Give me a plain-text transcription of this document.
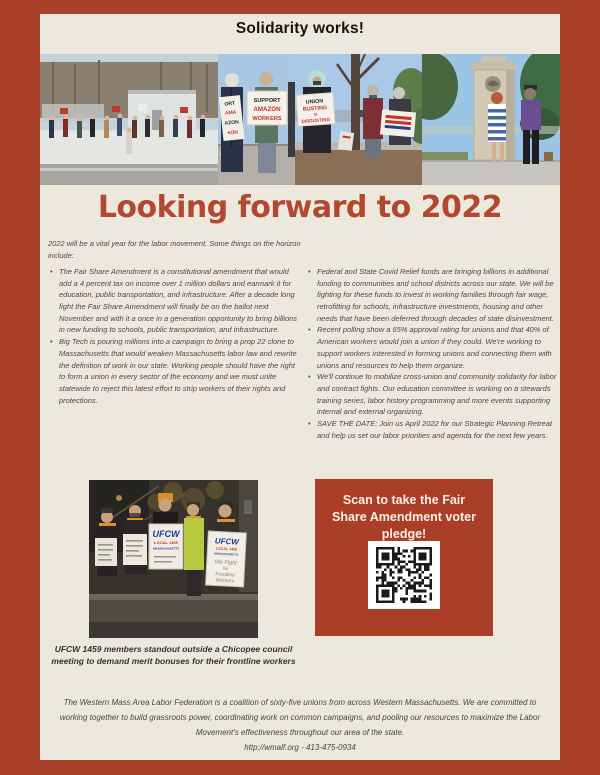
Solidarity works!
ORT
AMA
AZON
♥ON
SUPPORT
AMAZON
WORKERS
UNION
BUSTING
IS
DISGUSTING
Looking forward to 2022

2022 will be a vital year for the labor movement. Some things on the horizon include:

• The Fair Share Amendment is a constitutional amendment that would add a 4 percent tax on income over 1 million dollars and earmark it for education, public transportation, and infrastructure. After a decade long fight the Fair Share Amendment will finally be on the ballot next November and with it a once in a generation opportunity to bring billions in new funding to schools, public transportation, and infrastructure.
• Big Tech is pouring millions into a campaign to bring a prop 22 clone to Massachusetts that would weaken Massachusetts labor law and rewrite the definition of work in our state. Working people should have the right to form a union in every sector of the economy and we must unite statewide to reject this latest effort to strip workers of their rights and protections.
• Federal and State Covid Relief funds are bringing billions in additional funding to communities and school districts across our state. We will be fighting for these funds to invest in working families through fair wage, retrofitting for schools, infrastructure investments, housing and other needs that have been deferred through decades of state disinvestment.
• Recent polling show a 65% approval rating for unions and that 40% of American workers would join a union if they could. We're working to support workers interested in forming unions and connecting them with unions and resources to help them organize.
• We'll continue to mobilize cross-union and community solidarity for labor and contract fights. Our education committee is working on a stewards training series, labor history programming and more events supporting internal and external organizing.
• SAVE THE DATE: Join us April 2022 for our Strategic Planning Retreat and help us set our labor priorities and agenda for the next few years.
UFCW
LOCAL 1459
MASSACHUSETTS
UFCW
LOCAL 1459
MASSACHUSETTS
We Fight
for
Frontline
Workers

UFCW 1459 members standout outside a Chicopee council meeting to demand merit bonuses for their frontline workers

Scan to take the Fair Share Amendment voter pledge!

The Western Mass Area Labor Federation is a coalition of sixty-five unions from across Western Massachusetts. We are committed to working together to build grassroots power, coordinating work on common campaigns, and pooling our resources to maximize the Labor Movement's effectiveness throughout our area of the state.

http://wmalf.org - 413-475-0934
